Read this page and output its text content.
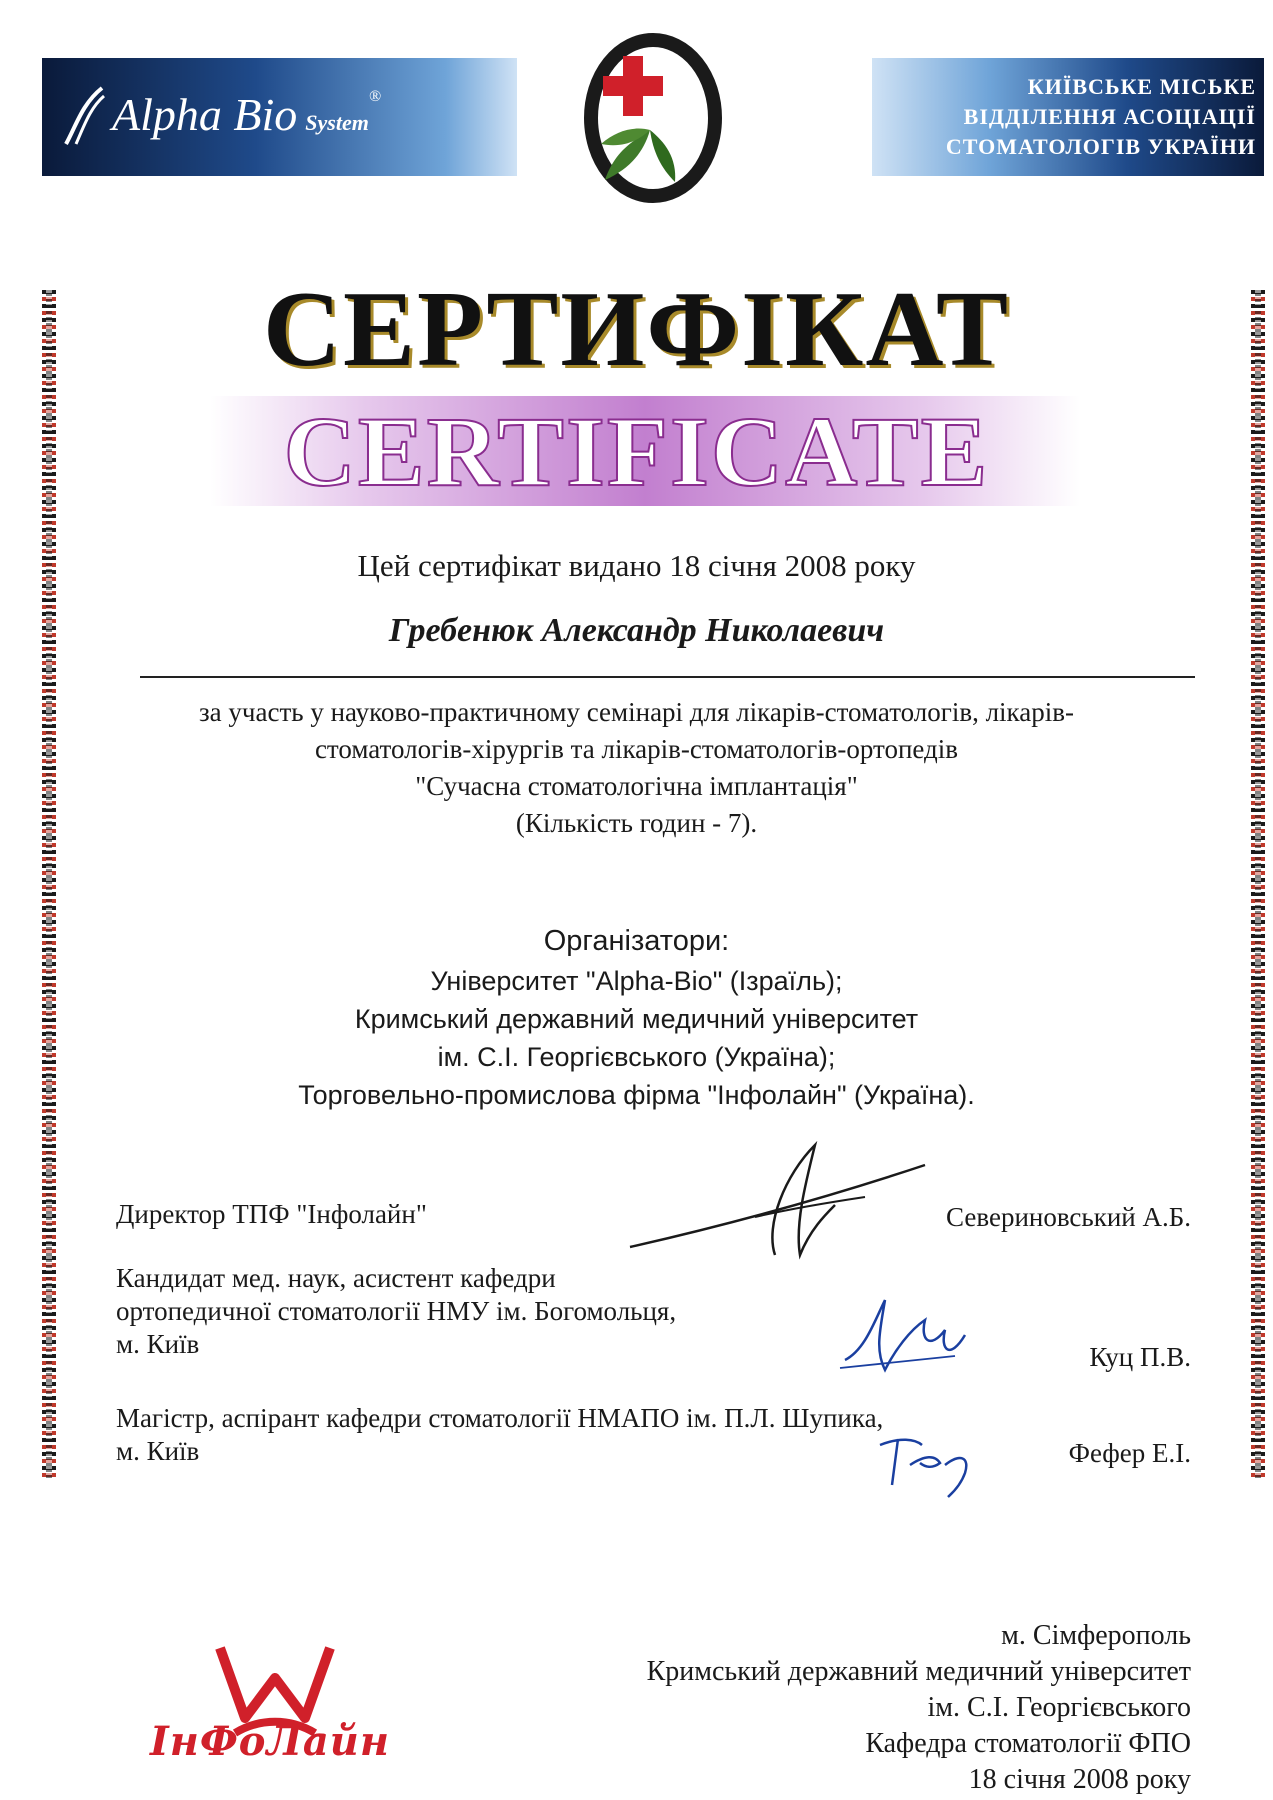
Alpha Bio System®	КИЇВСЬКЕ МІСЬКЕ
ВІДДІЛЕННЯ АСОЦІАЦІЇ
СТОМАТОЛОГІВ УКРАЇНИ
СЕРТИФІКАТ
CERTIFICATE
Цей сертифікат видано 18 січня 2008 року
Гребенюк Александр Николаевич
за участь у науково-практичному семінарі для лікарів-стоматологів, лікарів-
стоматологів-хірургів та лікарів-стоматологів-ортопедів
"Сучасна стоматологічна імплантація"
(Кількість годин - 7).
Організатори:
Університет "Alpha-Bio" (Ізраїль);
Кримський державний медичний університет
ім. С.І. Георгієвського (Україна);
Торговельно-промислова фірма "Інфолайн" (Україна).
Директор ТПФ "Інфолайн"	Северинoвський А.Б.
Кандидат мед. наук, асистент кафедри
ортопедичної стоматології НМУ ім. Богомольця,
м. Київ	Куц П.В.
Магістр, аспірант кафедри стоматології НМАПО ім. П.Л. Шупика,
м. Київ	Фефер Е.І.
ІнФоЛайн
м. Сімферополь
Кримський державний медичний університет
ім. С.І. Георгієвського
Кафедра стоматології ФПО
18 січня 2008 року
